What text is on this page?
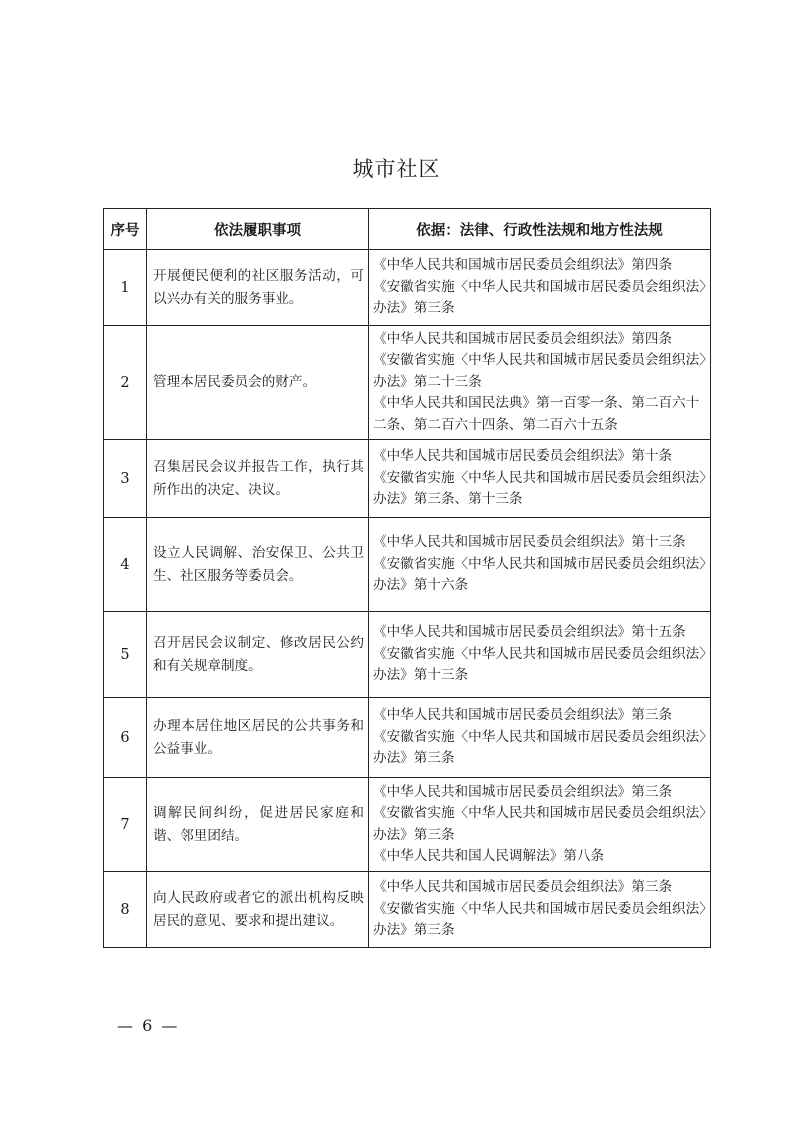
城市社区
序号	依法履职事项	依据：法律、行政性法规和地方性法规
1	开展便民便利的社区服务活动，可以兴办有关的服务事业。	《中华人民共和国城市居民委员会组织法》第四条
《安徽省实施〈中华人民共和国城市居民委员会组织法〉办法》第三条

2	管理本居民委员会的财产。	《中华人民共和国城市居民委员会组织法》第四条
《安徽省实施〈中华人民共和国城市居民委员会组织法〉办法》第二十三条
《中华人民共和国民法典》第一百零一条、第二百六十二条、第二百六十四条、第二百六十五条

3	召集居民会议并报告工作，执行其所作出的决定、决议。	《中华人民共和国城市居民委员会组织法》第十条
《安徽省实施〈中华人民共和国城市居民委员会组织法〉办法》第三条、第十三条

4	设立人民调解、治安保卫、公共卫生、社区服务等委员会。	《中华人民共和国城市居民委员会组织法》第十三条
《安徽省实施〈中华人民共和国城市居民委员会组织法〉办法》第十六条

5	召开居民会议制定、修改居民公约和有关规章制度。	《中华人民共和国城市居民委员会组织法》第十五条
《安徽省实施〈中华人民共和国城市居民委员会组织法〉办法》第十三条

6	办理本居住地区居民的公共事务和公益事业。	《中华人民共和国城市居民委员会组织法》第三条
《安徽省实施〈中华人民共和国城市居民委员会组织法〉办法》第三条

7	调解民间纠纷，促进居民家庭和谐、邻里团结。	《中华人民共和国城市居民委员会组织法》第三条
《安徽省实施〈中华人民共和国城市居民委员会组织法〉办法》第三条
《中华人民共和国人民调解法》第八条

8	向人民政府或者它的派出机构反映居民的意见、要求和提出建议。	《中华人民共和国城市居民委员会组织法》第三条
《安徽省实施〈中华人民共和国城市居民委员会组织法〉办法》第三条
— 6 —
